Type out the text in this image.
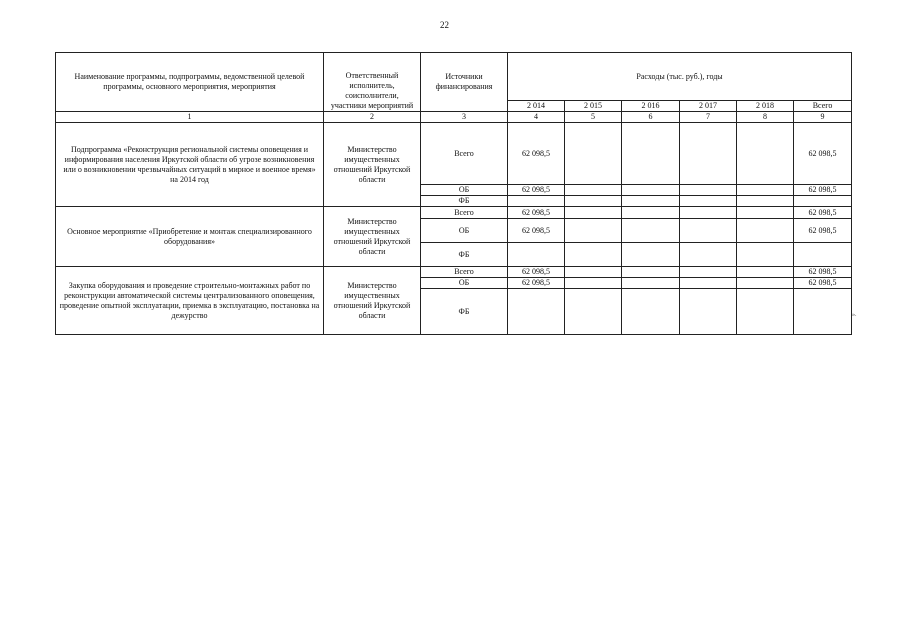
22
Наименование программы, подпрограммы, ведомственной целевой программы, основного мероприятия, мероприятия	Ответственный исполнитель, соисполнители, участники мероприятий	Источники финансирования	Расходы (тыс. руб.), годы					
			2 014	2 015	2 016	2 017	2 018	Всего
1	2	3	4	5	6	7	8	9
Подпрограмма «Реконструкция региональной системы оповещения и информирования населения Иркутской области об угрозе возникновения или о возникновении чрезвычайных ситуаций в мирное и военное время» на 2014 год	Министерство имущественных отношений Иркутской области	Всего	62 098,5					62 098,5
		ОБ	62 098,5					62 098,5
		ФБ						
Основное мероприятие «Приобретение и монтаж специализированного оборудования»	Министерство имущественных отношений Иркутской области	Всего	62 098,5					62 098,5
		ОБ	62 098,5					62 098,5
		ФБ						
Закупка оборудования и проведение строительно-монтажных работ по реконструкции автоматической системы централизованного оповещения, проведение опытной эксплуатации, приемка в эксплуатацию, постановка на дежурство	Министерство имущественных отношений Иркутской области	Всего	62 098,5					62 098,5
		ОБ	62 098,5					62 098,5
		ФБ							».
